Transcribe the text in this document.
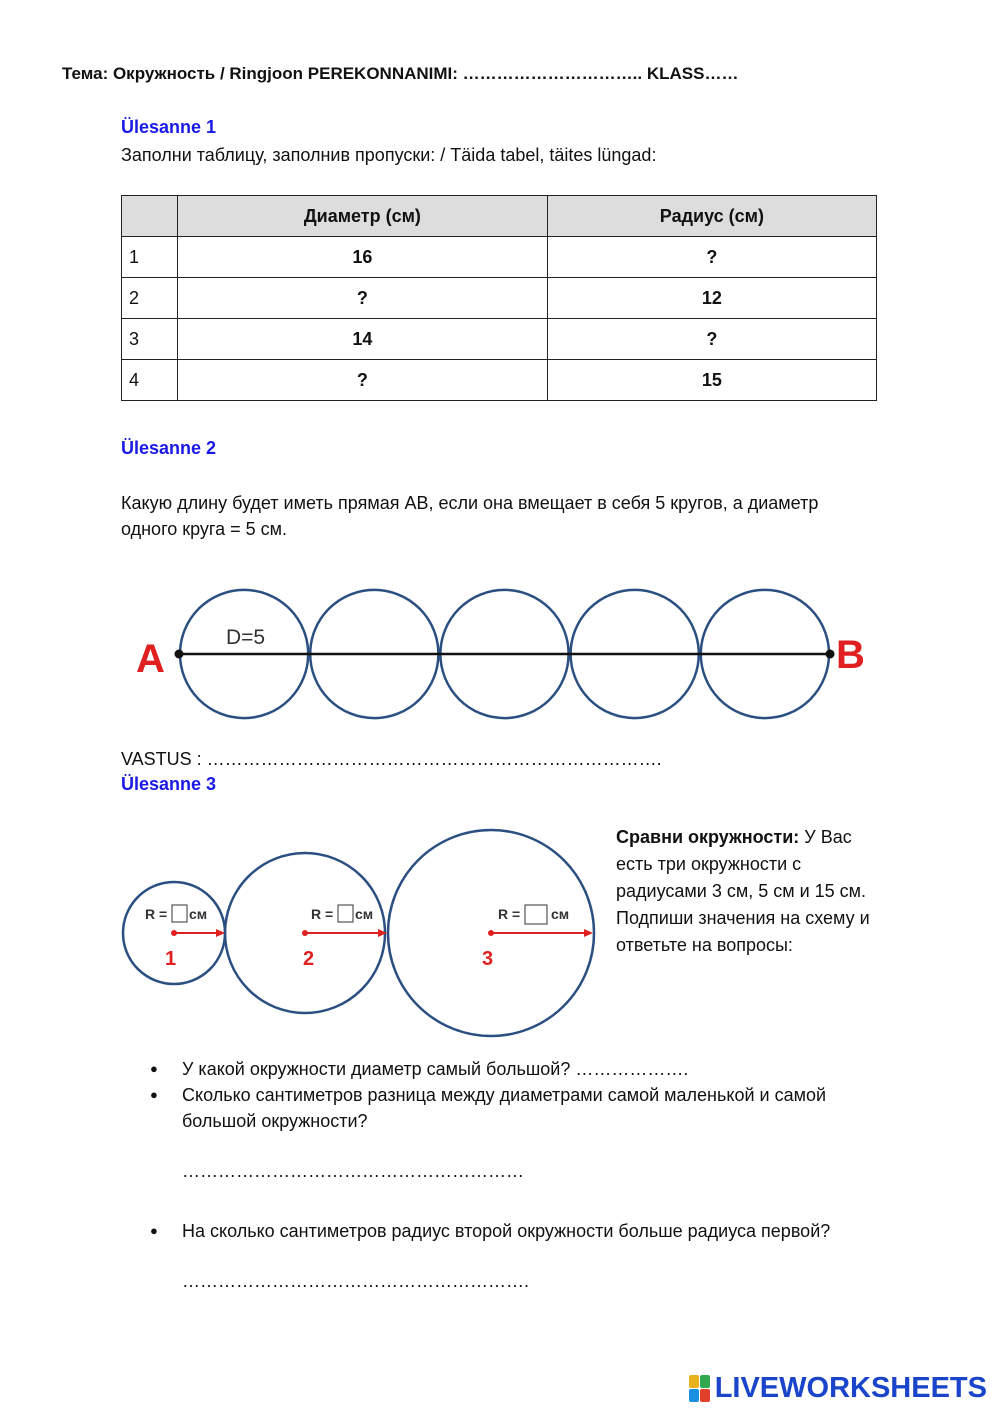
Тема: Окружность / Ringjoon PEREKONNANIMI: ………………………….. KLASS……
Ülesanne 1
Заполни таблицу, заполнив пропуски: / Täida tabel, täites lüngad:
	Диаметр (см)	Радиус (см)
1	16	?
2	?	12
3	14	?
4	?	15
Ülesanne 2
Какую длину будет иметь прямая АВ, если она вмещает в себя 5 кругов, а диаметр одного круга = 5 см.
A	B
D=5
VASTUS : ………………………………………………………………….
Ülesanne 3
R = см
1
R = см
2
R = см
3
Сравни окружности: У Вас есть три окружности с радиусами 3 см, 5 см и 15 см. Подпиши значения на схему и ответьте на вопросы:
● У какой окружности диаметр самый большой? ……………….
● Сколько сантиметров разница между диаметрами самой маленькой и самой большой окружности?
…………………………………………………
● На сколько сантиметров радиус второй окружности больше радиуса первой?
………………………………………………….
LIVEWORKSHEETS
